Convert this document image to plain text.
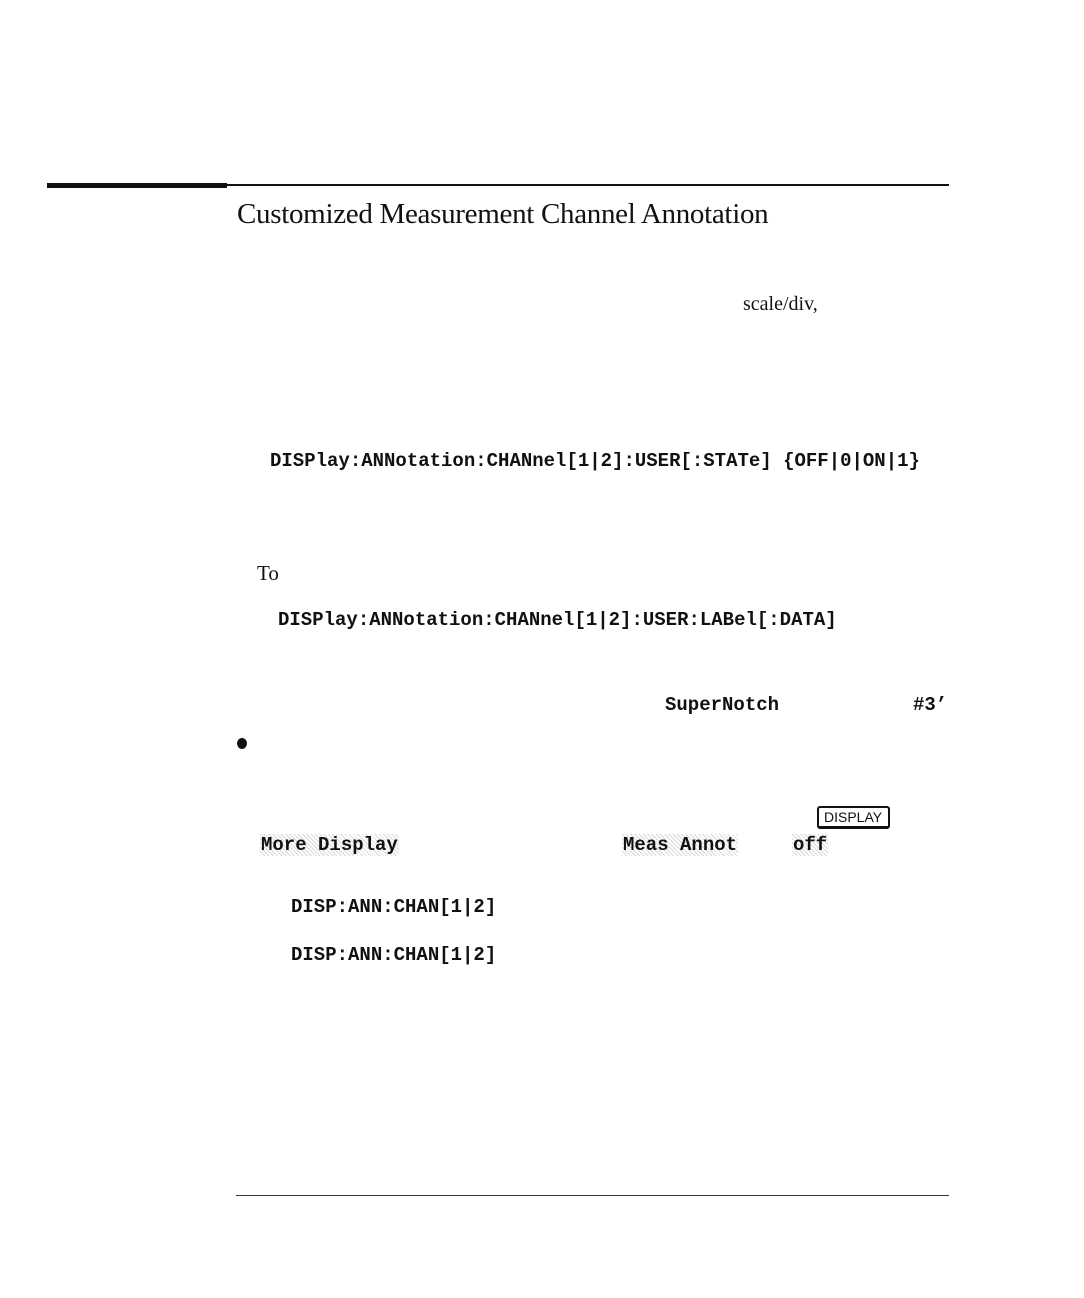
Customized Measurement Channel Annotation
scale/div,
DISPlay:ANNotation:CHANnel[1|2]:USER[:STATe] {OFF|0|ON|1}
To
DISPlay:ANNotation:CHANnel[1|2]:USER:LABel[:DATA]
SuperNotch	#3’
DISPLAY
More Display	Meas Annot	off
DISP:ANN:CHAN[1|2]
DISP:ANN:CHAN[1|2]
